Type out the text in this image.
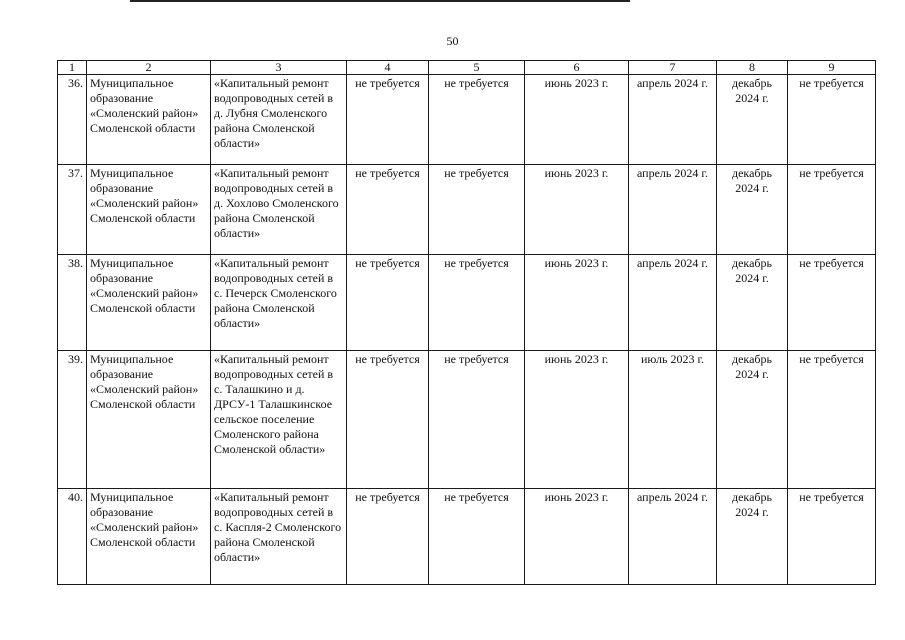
50
1	2	3	4	5	6	7	8	9
36.	Муниципальное образование «Смоленский район» Смоленской области	«Капитальный ремонт водопроводных сетей в д. Лубня Смоленского района Смоленской области»	не требуется	не требуется	июнь 2023 г.	апрель 2024 г.	декабрь 2024 г.	не требуется
37.	Муниципальное образование «Смоленский район» Смоленской области	«Капитальный ремонт водопроводных сетей в д. Хохлово Смоленского района Смоленской области»	не требуется	не требуется	июнь 2023 г.	апрель 2024 г.	декабрь 2024 г.	не требуется
38.	Муниципальное образование «Смоленский район» Смоленской области	«Капитальный ремонт водопроводных сетей в с. Печерск Смоленского района Смоленской области»	не требуется	не требуется	июнь 2023 г.	апрель 2024 г.	декабрь 2024 г.	не требуется
39.	Муниципальное образование «Смоленский район» Смоленской области	«Капитальный ремонт водопроводных сетей в с. Талашкино и д. ДРСУ-1 Талашкинское сельское поселение Смоленского района Смоленской области»	не требуется	не требуется	июнь 2023 г.	июль 2023 г.	декабрь 2024 г.	не требуется
40.	Муниципальное образование «Смоленский район» Смоленской области	«Капитальный ремонт водопроводных сетей в с. Каспля-2 Смоленского района Смоленской области»	не требуется	не требуется	июнь 2023 г.	апрель 2024 г.	декабрь 2024 г.	не требуется
